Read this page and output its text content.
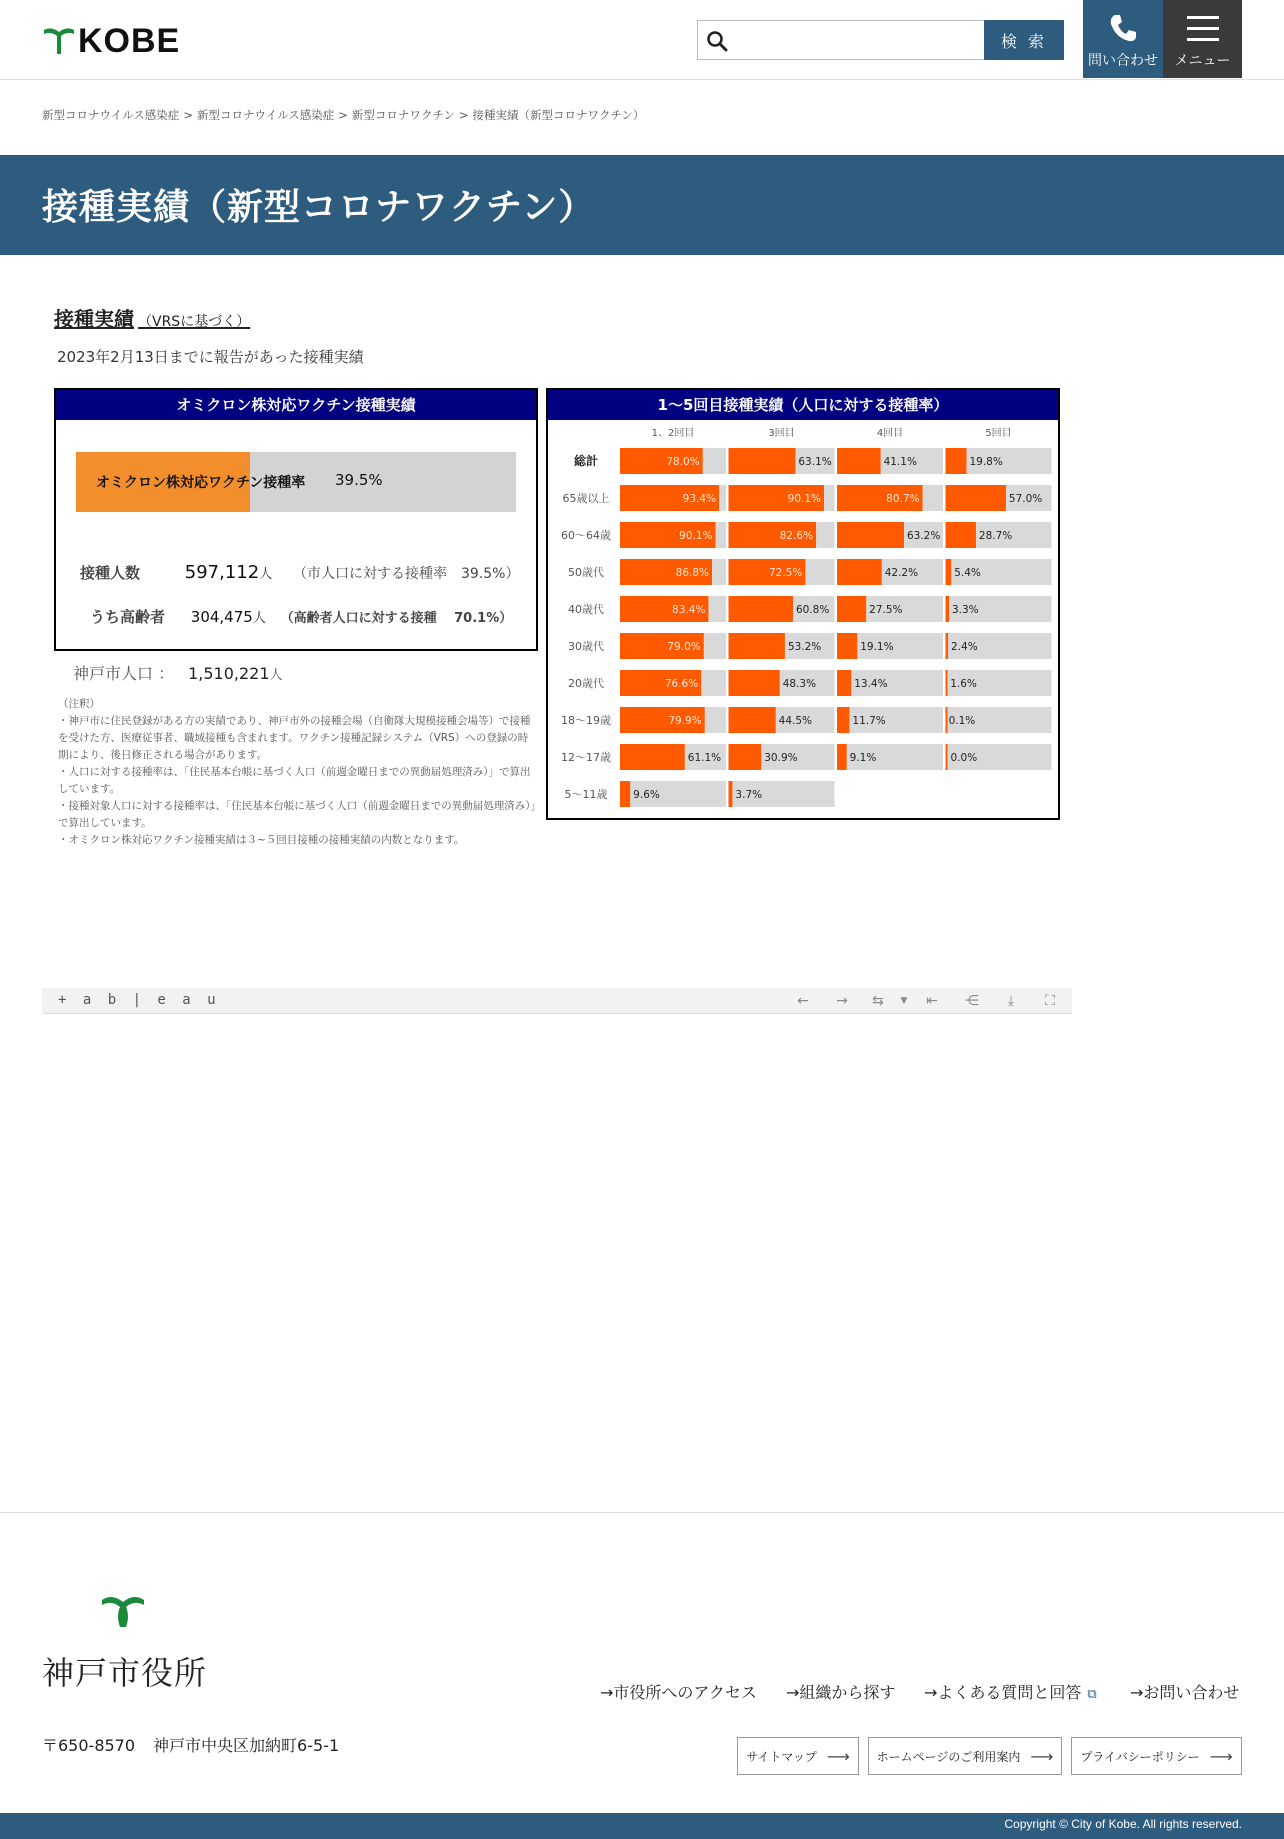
KOBE	検 索
問い合わせ	メニュー
新型コロナウイルス感染症 > 新型コロナウイルス感染症 > 新型コロナワクチン > 接種実績（新型コロナワクチン）
接種実績（新型コロナワクチン）
接種実績 （VRSに基づく）
2023年2月13日までに報告があった接種実績
オミクロン株対応ワクチン接種実績
オミクロン株対応ワクチン接種率 39.5%
接種人数 597,112人 （市人口に対する接種率　39.5%）
うち高齢者 304,475人 （高齢者人口に対する接種　 70.1%）
神戸市人口 ： 1,510,221人
（注釈）
・神戸市に住民登録がある方の実績であり、神戸市外の接種会場（自衛隊大規模接種会場等）で接種を受けた方、医療従事者、職域接種も含まれます。ワクチン接種記録システム（VRS）への登録の時期により、後日修正される場合があります。
・人口に対する接種率は、「住民基本台帳に基づく人口（前週金曜日までの異動届処理済み）」で算出しています。
・接種対象人口に対する接種率は、「住民基本台帳に基づく人口（前週金曜日までの異動届処理済み）」で算出しています。
・オミクロン株対応ワクチン接種実績は３~５回目接種の接種実績の内数となります。
1～5回目接種実績（人口に対する接種率）
1、2回目	3回目	4回目	5回目
総計	78.0%	63.1%	41.1%	19.8%
65歳以上	93.4%	90.1%	80.7%	57.0%
60～64歳	90.1%	82.6%	63.2%	28.7%
50歳代	86.8%	72.5%	42.2%	5.4%
40歳代	83.4%	60.8%	27.5%	3.3%
30歳代	79.0%	53.2%	19.1%	2.4%
20歳代	76.6%	48.3%	13.4%	1.6%
18～19歳	79.9%	44.5%	11.7%	0.1%
12～17歳	61.1%	30.9%	9.1%	0.0%
5～11歳 9.6%	3.7%
+ a b | e a u	← → ⇆	▼	⇤ ⋲	⤓	⛶
神戸市役所
→市役所へのアクセス →組織から探す →よくある質問と回答 ⧉ →お問い合わせ
〒650-8570 神戸市中央区加納町6-5-1
サイトマップ ⟶ ホームページのご利用案内 ⟶ プライバシーポリシー ⟶
Copyright © City of Kobe. All rights reserved.
